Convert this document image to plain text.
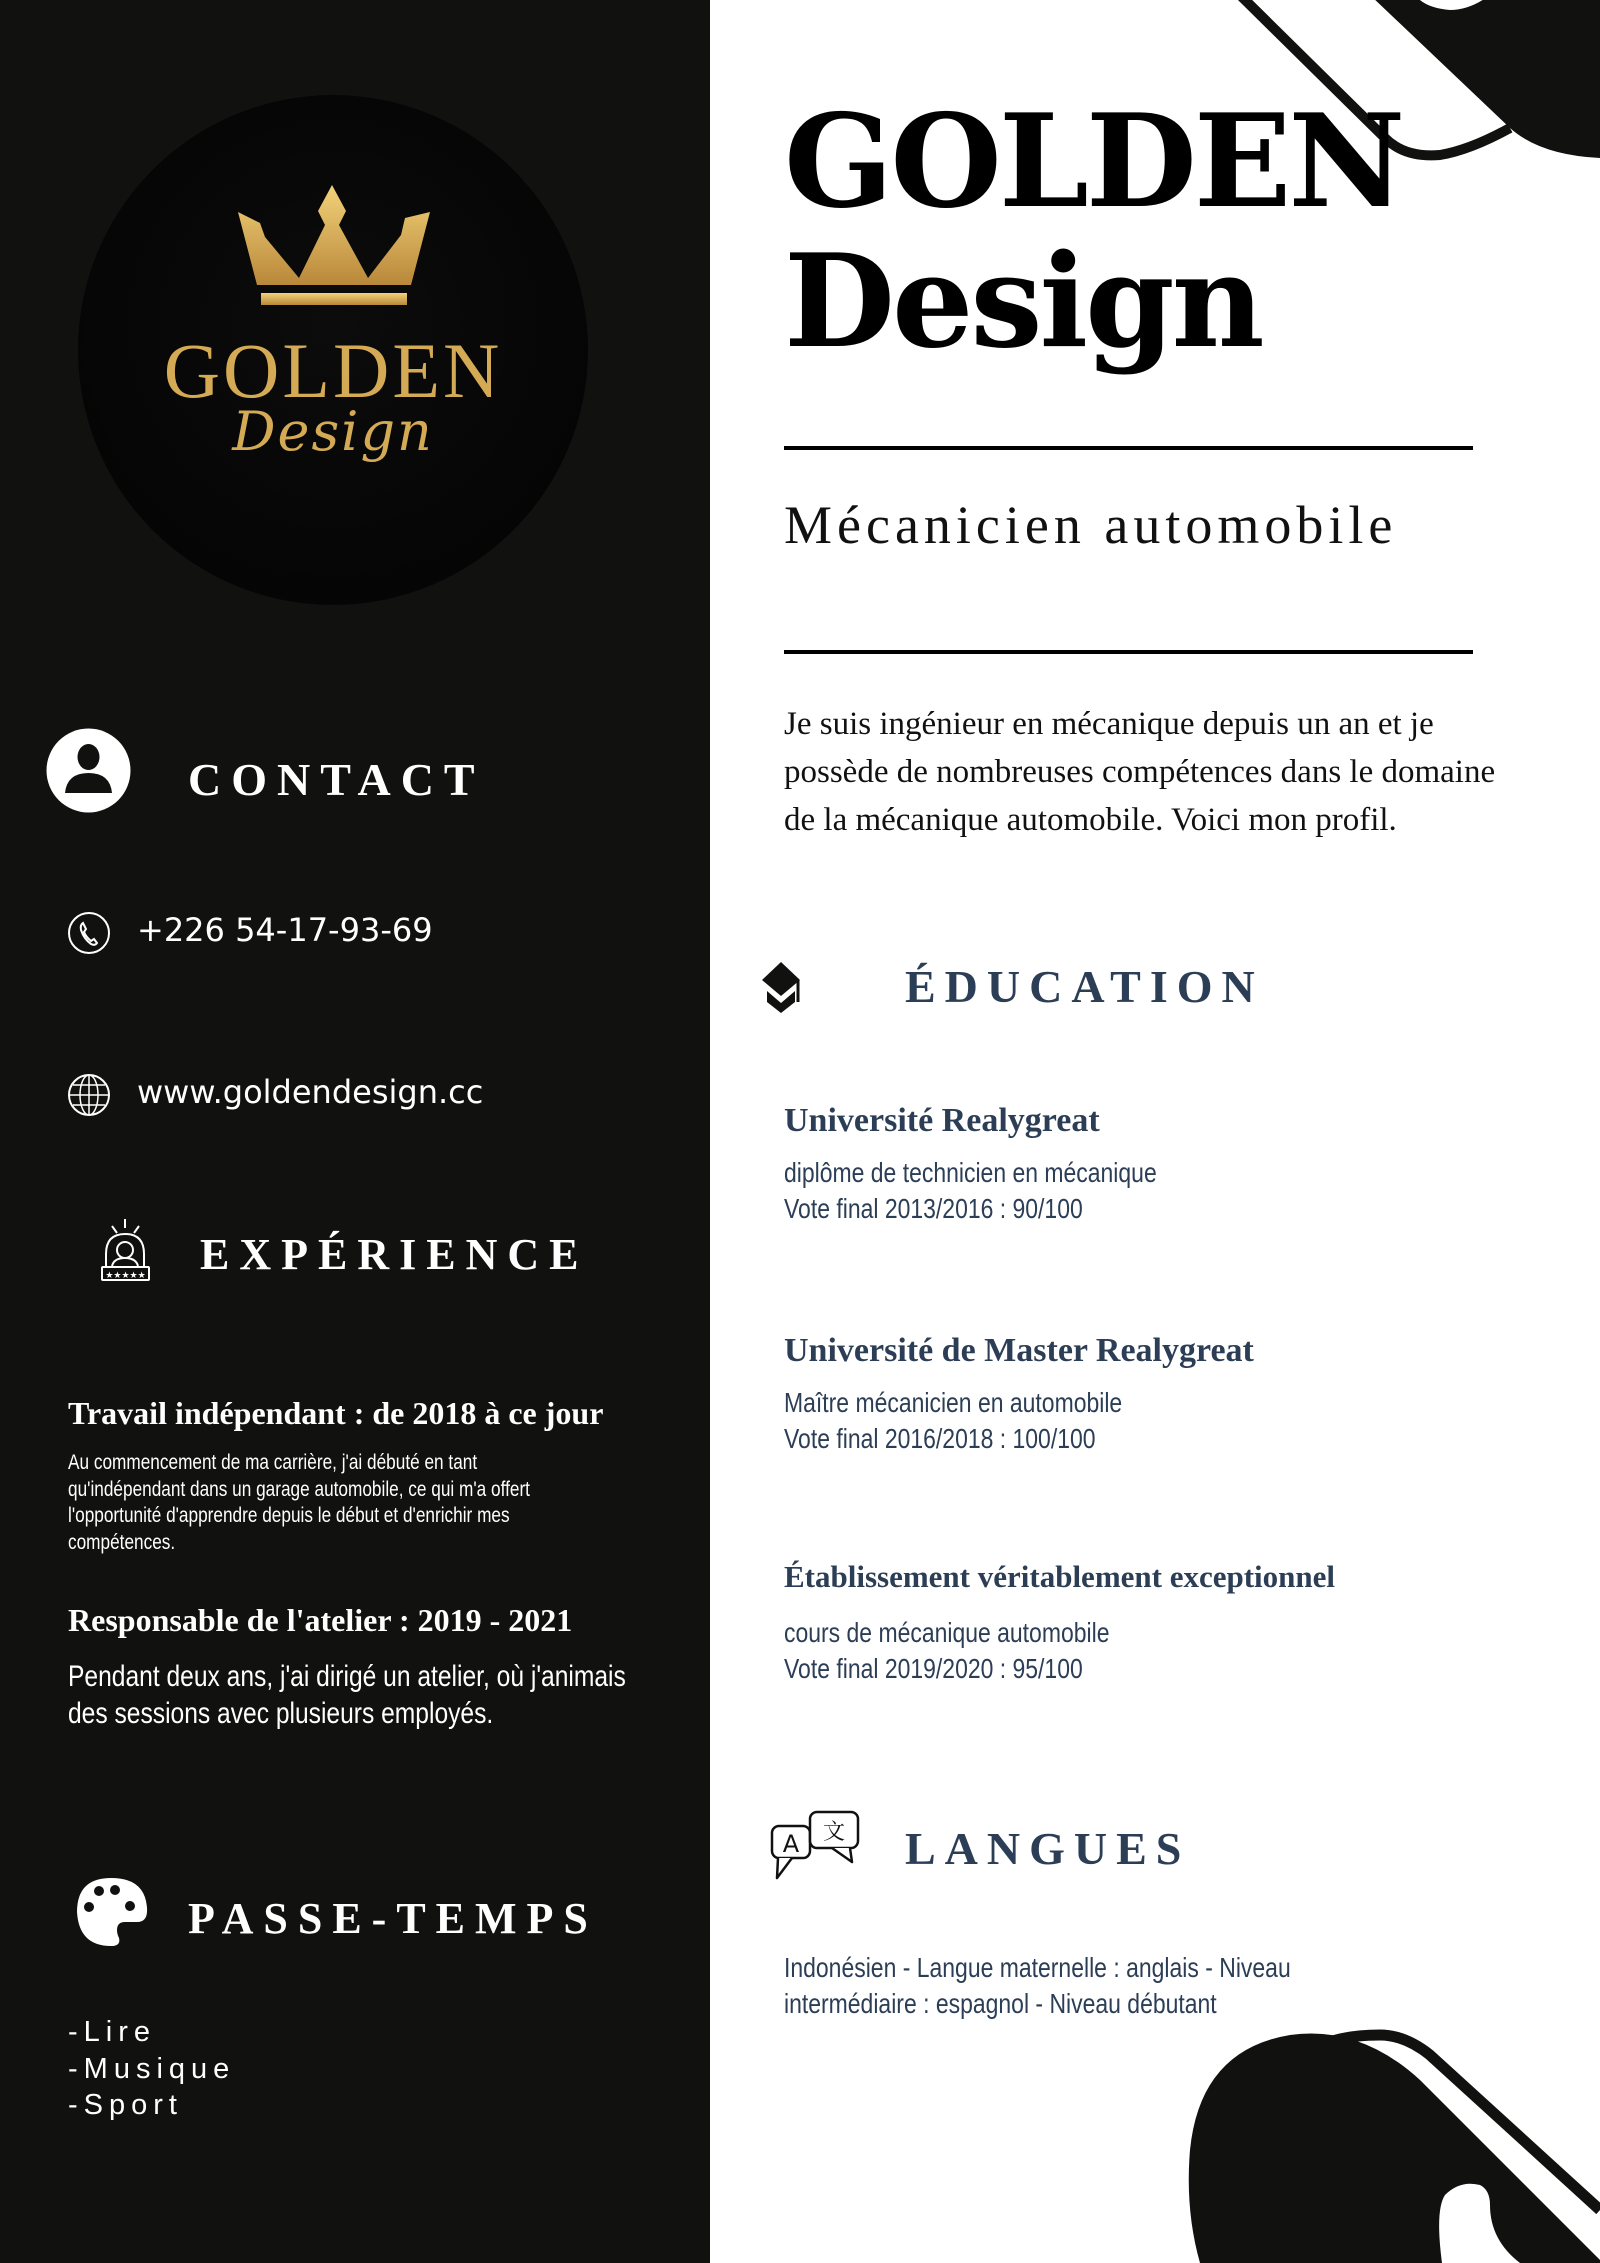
GOLDEN
Design
CONTACT
+226 54-17-93-69
www.goldendesign.cc
★★★★★ EXPÉRIENCE
Travail indépendant : de 2018 à ce jour
Au commencement de ma carrière, j'ai débuté en tant
qu'indépendant dans un garage automobile, ce qui m'a offert
l'opportunité d'apprendre depuis le début et d'enrichir mes
compétences.
Responsable de l'atelier : 2019 - 2021
Pendant deux ans, j'ai dirigé un atelier, où j'animais
des sessions avec plusieurs employés.
PASSE-TEMPS
-Lire
-Musique
-Sport
GOLDEN
Design
Mécanicien automobile
Je suis ingénieur en mécanique depuis un an et je
possède de nombreuses compétences dans le domaine
de la mécanique automobile. Voici mon profil.
ÉDUCATION
Université Realygreat
diplôme de technicien en mécanique
Vote final 2013/2016 : 90/100
Université de Master Realygreat
Maître mécanicien en automobile
Vote final 2016/2018 : 100/100
Établissement véritablement exceptionnel
cours de mécanique automobile
Vote final 2019/2020 : 95/100
A 文 LANGUES
Indonésien - Langue maternelle : anglais - Niveau
intermédiaire : espagnol - Niveau débutant
